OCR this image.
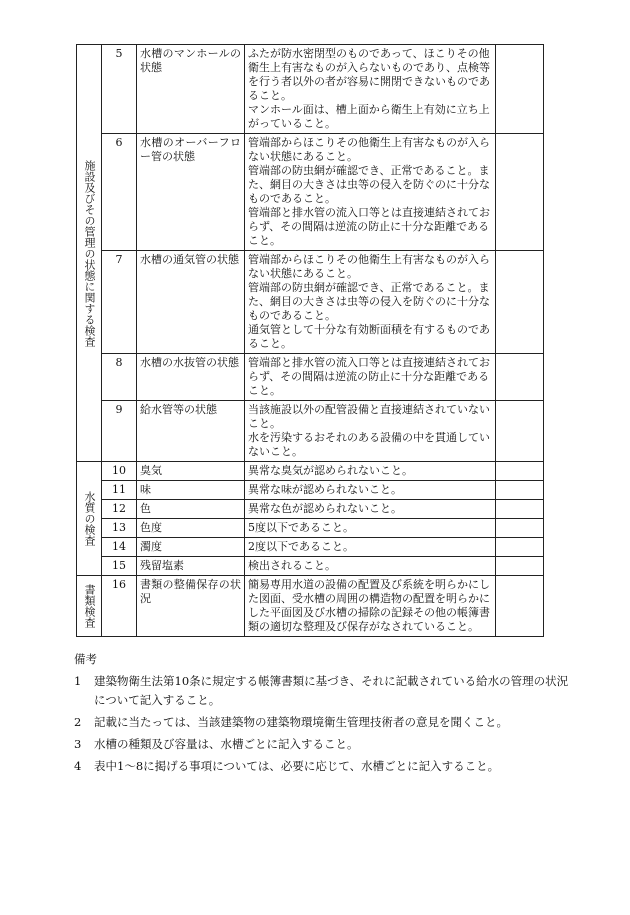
施設及びその管理の状態に関する検査	5	水槽のマンホールの状態	ふたが防水密閉型のものであって、ほこりその他衛生上有害なものが入らないものであり、点検等を行う者以外の者が容易に開閉できないものであること。

マンホール面は、槽上面から衛生上有効に立ち上がっていること。	

	6	水槽のオーバーフロー管の状態	管端部からほこりその他衛生上有害なものが入らない状態にあること。

管端部の防虫網が確認でき、正常であること。また、網目の大きさは虫等の侵入を防ぐのに十分なものであること。

管端部と排水管の流入口等とは直接連結されておらず、その間隔は逆流の防止に十分な距離であること。	

	7	水槽の通気管の状態	管端部からほこりその他衛生上有害なものが入らない状態にあること。

管端部の防虫網が確認でき、正常であること。また、網目の大きさは虫等の侵入を防ぐのに十分なものであること。

通気管として十分な有効断面積を有するものであること。	

	8	水槽の水抜管の状態	管端部と排水管の流入口等とは直接連結されておらず、その間隔は逆流の防止に十分な距離であること。	

	9	給水管等の状態	当該施設以外の配管設備と直接連結されていないこと。

水を汚染するおそれのある設備の中を貫通していないこと。	

水質の検査	10	臭気	異常な臭気が認められないこと。	

	11	味	異常な味が認められないこと。	

	12	色	異常な色が認められないこと。	

	13	色度	5度以下であること。	

	14	濁度	2度以下であること。	

	15	残留塩素	検出されること。	

書類検査	16	書類の整備保存の状況	簡易専用水道の設備の配置及び系統を明らかにした図面、受水槽の周囲の構造物の配置を明らかにした平面図及び水槽の掃除の記録その他の帳簿書類の適切な整理及び保存がなされていること。	

備考
1	建築物衛生法第10条に規定する帳簿書類に基づき、それに記載されている給水の管理の状況について記入すること。
2	記載に当たっては、当該建築物の建築物環境衛生管理技術者の意見を聞くこと。
3	水槽の種類及び容量は、水槽ごとに記入すること。
4	表中1～8に掲げる事項については、必要に応じて、水槽ごとに記入すること。
